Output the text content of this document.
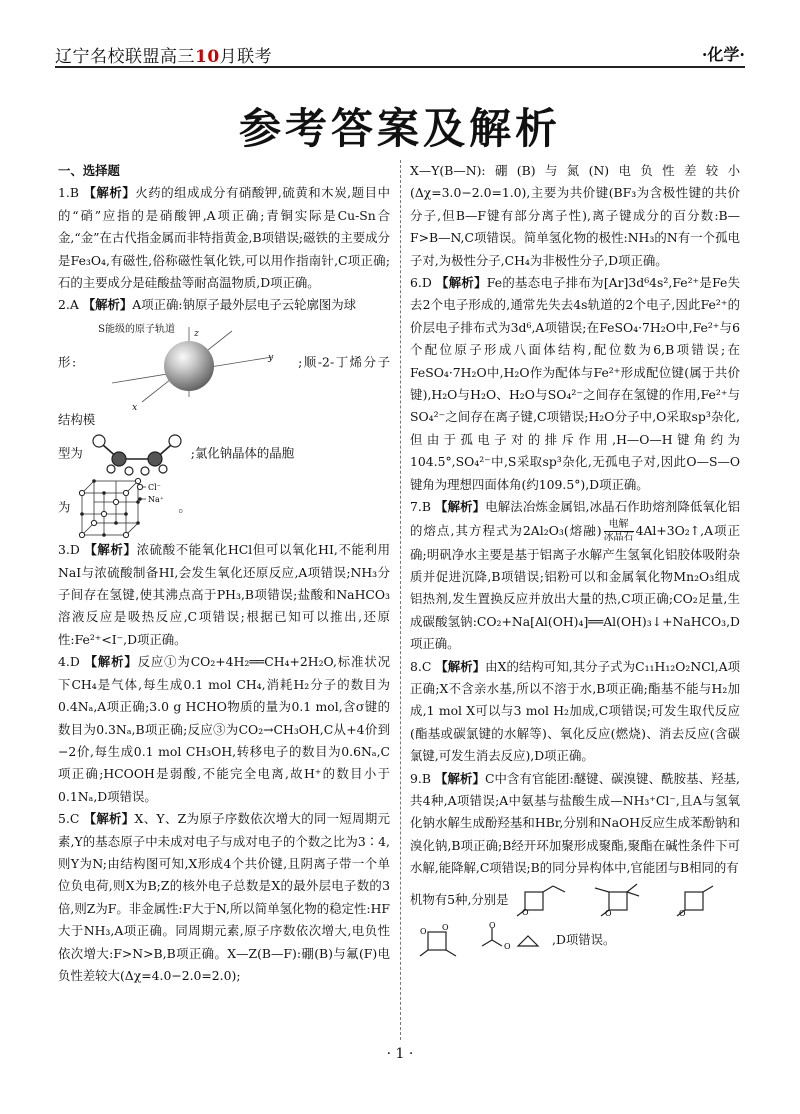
辽宁名校联盟高三10月联考	·化学·
参考答案及解析

一、选择题

1.B 【解析】火药的组成成分有硝酸钾,硫黄和木炭,题目中的“硝”应指的是硝酸钾,A项正确;青铜实际是Cu-Sn合金,“金”在古代指金属而非特指黄金,B项错误;磁铁的主要成分是Fe₃O₄,有磁性,俗称磁性氧化铁,可以用作指南针,C项正确;石的主要成分是硅酸盐等耐高温物质,D项正确。

2.A 【解析】A项正确:钠原子最外层电子云轮廓图为球

形:
S能级的原子轨道 z
x
y ;顺-2-丁烯分子结构模

型为	;氯化钠晶体的晶胞

为
Cl⁻
Na⁺ 。

3.D 【解析】浓硫酸不能氧化HCl但可以氧化HI,不能利用NaI与浓硫酸制备HI,会发生氧化还原反应,A项错误;NH₃分子间存在氢键,使其沸点高于PH₃,B项错误;盐酸和NaHCO₃溶液反应是吸热反应,C项错误;根据已知可以推出,还原性:Fe²⁺<I⁻,D项正确。

4.D 【解析】反应①为CO₂+4H₂══CH₄+2H₂O,标准状况下CH₄是气体,每生成0.1 mol CH₄,消耗H₂分子的数目为0.4Nₐ,A项正确;3.0 g HCHO物质的量为0.1 mol,含σ键的数目为0.3Nₐ,B项正确;反应③为CO₂→CH₃OH,C从+4价到−2价,每生成0.1 mol CH₃OH,转移电子的数目为0.6Nₐ,C项正确;HCOOH是弱酸,不能完全电离,故H⁺的数目小于0.1Nₐ,D项错误。

5.C 【解析】X、Y、Z为原子序数依次增大的同一短周期元素,Y的基态原子中未成对电子与成对电子的个数之比为3∶4,则Y为N;由结构图可知,X形成4个共价键,且阴离子带一个单位负电荷,则X为B;Z的核外电子总数是X的最外层电子数的3倍,则Z为F。非金属性:F大于N,所以简单氢化物的稳定性:HF大于NH₃,A项正确。同周期元素,原子序数依次增大,电负性依次增大:F>N>B,B项正确。X—Z(B—F):硼(B)与氟(F)电负性差较大(Δχ=4.0−2.0=2.0);

X—Y(B—N):硼(B)与氮(N)电负性差较小(Δχ=3.0−2.0=1.0),主要为共价键(BF₃为含极性键的共价分子,但B—F键有部分离子性),离子键成分的百分数:B—F>B—N,C项错误。简单氢化物的极性:NH₃的N有一个孤电子对,为极性分子,CH₄为非极性分子,D项正确。

6.D 【解析】Fe的基态电子排布为[Ar]3d⁶4s²,Fe²⁺是Fe失去2个电子形成的,通常先失去4s轨道的2个电子,因此Fe²⁺的价层电子排布式为3d⁶,A项错误;在FeSO₄·7H₂O中,Fe²⁺与6个配位原子形成八面体结构,配位数为6,B项错误;在FeSO₄·7H₂O中,H₂O作为配体与Fe²⁺形成配位键(属于共价键),H₂O与H₂O、H₂O与SO₄²⁻之间存在氢键的作用,Fe²⁺与SO₄²⁻之间存在离子键,C项错误;H₂O分子中,O采取sp³杂化,但由于孤电子对的排斥作用,H—O—H键角约为104.5°,SO₄²⁻中,S采取sp³杂化,无孤电子对,因此O—S—O键角为理想四面体角(约109.5°),D项正确。

7.B 【解析】电解法冶炼金属铝,冰晶石作助熔剂降低氧化铝的熔点,其方程式为2Al₂O₃(熔融) $\frac{\text{电解}}{\text{冰晶石}}$ 4Al+3O₂↑,A项正确;明矾净水主要是基于铝离子水解产生氢氧化铝胶体吸附杂质并促进沉降,B项错误;铝粉可以和金属氧化物Mn₂O₃组成铝热剂,发生置换反应并放出大量的热,C项正确;CO₂足量,生成碳酸氢钠:CO₂+Na[Al(OH)₄]══Al(OH)₃↓+NaHCO₃,D项正确。

8.C 【解析】由X的结构可知,其分子式为C₁₁H₁₂O₂NCl,A项正确;X不含亲水基,所以不溶于水,B项正确;酯基不能与H₂加成,1 mol X可以与3 mol H₂加成,C项错误;可发生取代反应(酯基或碳氯键的水解等)、氧化反应(燃烧)、消去反应(含碳氯键,可发生消去反应),D项正确。

9.B 【解析】C中含有官能团:醚键、碳溴键、酰胺基、羟基,共4种,A项错误;A中氨基与盐酸生成—NH₃⁺Cl⁻,且A与氢氧化钠水解生成酚羟基和HBr,分别和NaOH反应生成苯酚钠和溴化钠,B项正确;B经开环加聚形成聚酯,聚酯在碱性条件下可水解,能降解,C项错误;B的同分异构体中,官能团与B相同的有

机物有5种,分别是
O	O	O

O O	O
O	,D项错误。

· 1 ·
